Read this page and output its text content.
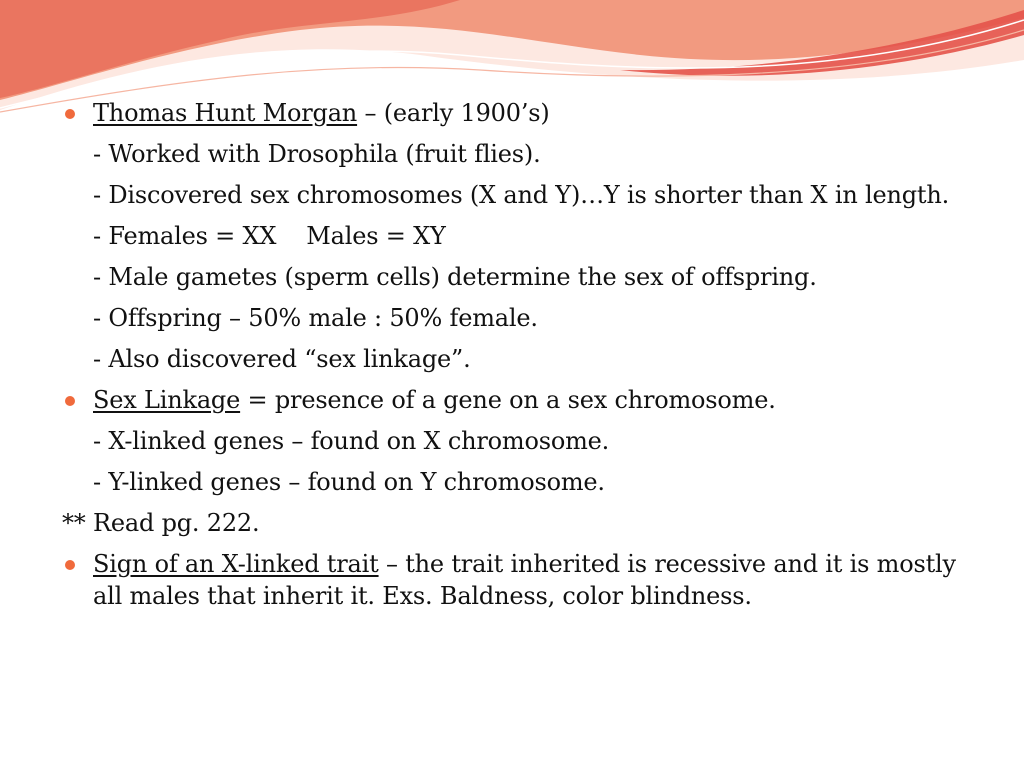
Thomas Hunt Morgan – (early 1900’s)
- Worked with Drosophila (fruit flies).
- Discovered sex chromosomes (X and Y)…Y is shorter than X in length.
- Females = XX Males = XY
- Male gametes (sperm cells) determine the sex of offspring.
- Offspring – 50% male : 50% female.
- Also discovered “sex linkage”.
Sex Linkage = presence of a gene on a sex chromosome.
- X-linked genes – found on X chromosome.
- Y-linked genes – found on Y chromosome.
** Read pg. 222.
Sign of an X-linked trait – the trait inherited is recessive and it is mostly all males that inherit it. Exs. Baldness, color blindness.
